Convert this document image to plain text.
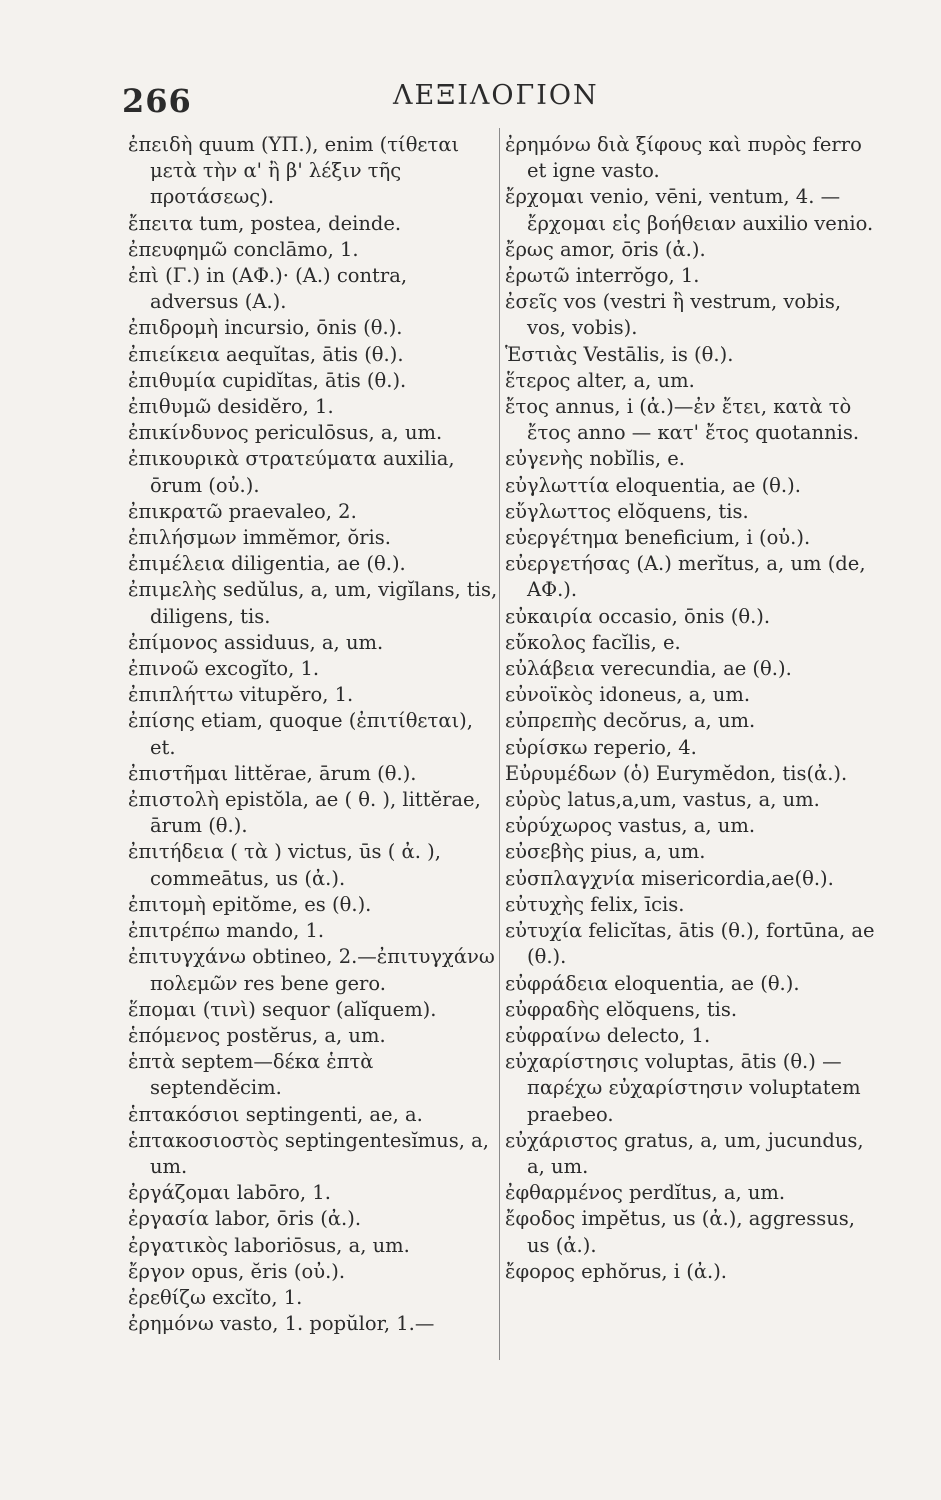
266	ΛΕΞΙΛΟΓΙΟΝ
ἐπειδὴ quum (ΥΠ.), enim (τίθεται μετὰ τὴν α' ἢ β' λέξιν τῆς προτάσεως).
ἔπειτα tum, postea, deinde.
ἐπευφημῶ conclāmo, 1.
ἐπὶ (Γ.) in (ΑΦ.)· (Α.) contra, adversus (Α.).
ἐπιδρομὴ incursio, ōnis (θ.).
ἐπιείκεια aequĭtas, ātis (θ.).
ἐπιθυμία cupidĭtas, ātis (θ.).
ἐπιθυμῶ desidĕro, 1.
ἐπικίνδυνος periculōsus, a, um.
ἐπικουρικὰ στρατεύματα auxilia, ōrum (οὐ.).
ἐπικρατῶ praevaleo, 2.
ἐπιλήσμων immĕmor, ŏris.
ἐπιμέλεια diligentia, ae (θ.).
ἐπιμελὴς sedŭlus, a, um, vigĭlans, tis, diligens, tis.
ἐπίμονος assiduus, a, um.
ἐπινοῶ excogĭto, 1.
ἐπιπλήττω vitupĕro, 1.
ἐπίσης etiam, quoque (ἐπιτίθεται), et.
ἐπιστῆμαι littĕrae, ārum (θ.).
ἐπιστολὴ epistŏla, ae ( θ. ), littĕrae, ārum (θ.).
ἐπιτήδεια ( τὰ ) victus, ūs ( ἀ. ), commeātus, us (ἀ.).
ἐπιτομὴ epitŏme, es (θ.).
ἐπιτρέπω mando, 1.
ἐπιτυγχάνω obtineo, 2.—ἐπιτυγχάνω πολεμῶν res bene gero.
ἕπομαι (τινὶ) sequor (alĭquem).
ἑπόμενος postĕrus, a, um.
ἑπτὰ septem—δέκα ἑπτὰ septendĕcim.
ἑπτακόσιοι septingenti, ae, a.
ἑπτακοσιοστὸς septingentesĭmus, a, um.
ἐργάζομαι labōro, 1.
ἐργασία labor, ōris (ἀ.).
ἐργατικὸς laboriōsus, a, um.
ἔργον opus, ĕris (οὐ.).
ἐρεθίζω excĭto, 1.
ἐρημόνω vasto, 1. popŭlor, 1.—
ἐρημόνω διὰ ξίφους καὶ πυρὸς ferro et igne vasto.
ἔρχομαι venio, vēni, ventum, 4. — ἔρχομαι εἰς βοήθειαν auxilio venio.
ἔρως amor, ōris (ἀ.).
ἐρωτῶ interrŏgo, 1.
ἐσεῖς vos (vestri ἢ vestrum, vobis, vos, vobis).
Ἑστιὰς Vestālis, is (θ.).
ἕτερος alter, a, um.
ἔτος annus, i (ἀ.)—ἐν ἔτει, κατὰ τὸ ἔτος anno — κατ' ἔτος quotannis.
εὐγενὴς nobĭlis, e.
εὐγλωττία eloquentia, ae (θ.).
εὔγλωττος elŏquens, tis.
εὐεργέτημα beneficium, i (οὐ.).
εὐεργετήσας (Α.) merĭtus, a, um (de, ΑΦ.).
εὐκαιρία occasio, ōnis (θ.).
εὔκολος facĭlis, e.
εὐλάβεια verecundia, ae (θ.).
εὐνοϊκὸς idoneus, a, um.
εὐπρεπὴς decŏrus, a, um.
εὑρίσκω reperio, 4.
Εὐρυμέδων (ὁ) Eurymĕdon, tis(ἀ.).
εὐρὺς latus,a,um, vastus, a, um.
εὐρύχωρος vastus, a, um.
εὐσεβὴς pius, a, um.
εὐσπλαγχνία misericordia,ae(θ.).
εὐτυχὴς felix, īcis.
εὐτυχία felicĭtas, ātis (θ.), fortūna, ae (θ.).
εὐφράδεια eloquentia, ae (θ.).
εὐφραδὴς elŏquens, tis.
εὐφραίνω delecto, 1.
εὐχαρίστησις voluptas, ātis (θ.) — παρέχω εὐχαρίστησιν voluptatem praebeo.
εὐχάριστος gratus, a, um, jucundus, a, um.
ἐφθαρμένος perdĭtus, a, um.
ἔφοδος impĕtus, us (ἀ.), aggressus, us (ἀ.).
ἔφορος ephŏrus, i (ἀ.).
